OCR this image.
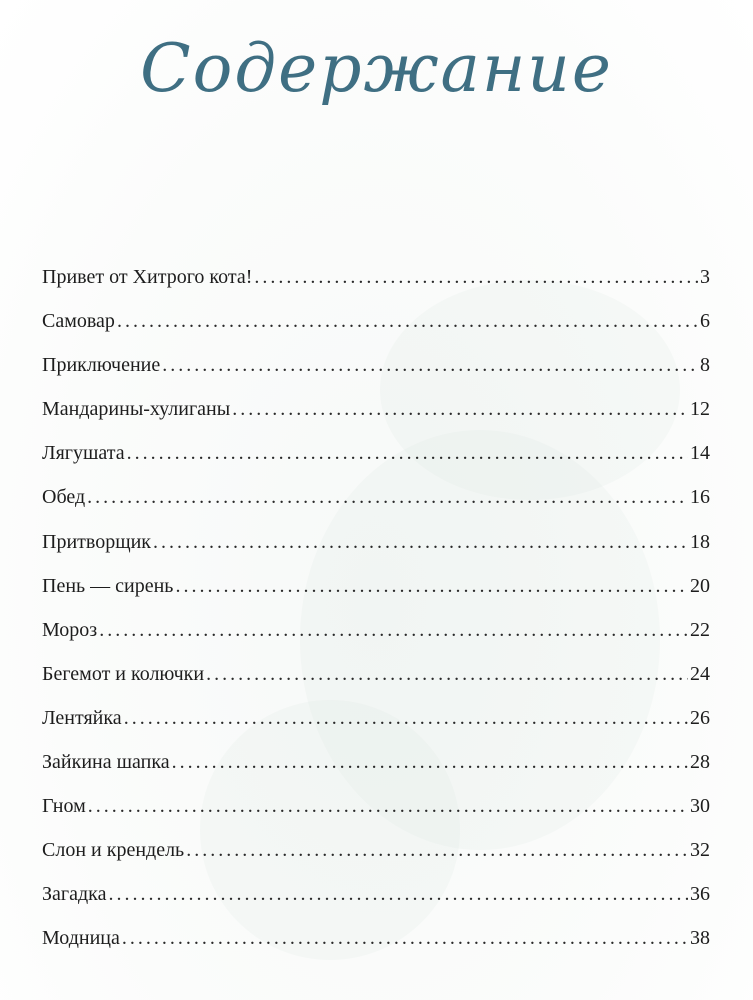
Содержание
Привет от Хитрого кота! .....	3
Самовар .....	6
Приключение .....	8
Мандарины-хулиганы .....	12
Лягушата .....	14
Обед .....	16
Притворщик .....	18
Пень — сирень .....	20
Мороз .....	22
Бегемот и колючки .....	24
Лентяйка .....	26
Зайкина шапка .....	28
Гном .....	30
Слон и крендель .....	32
Загадка .....	36
Модница .....	38
